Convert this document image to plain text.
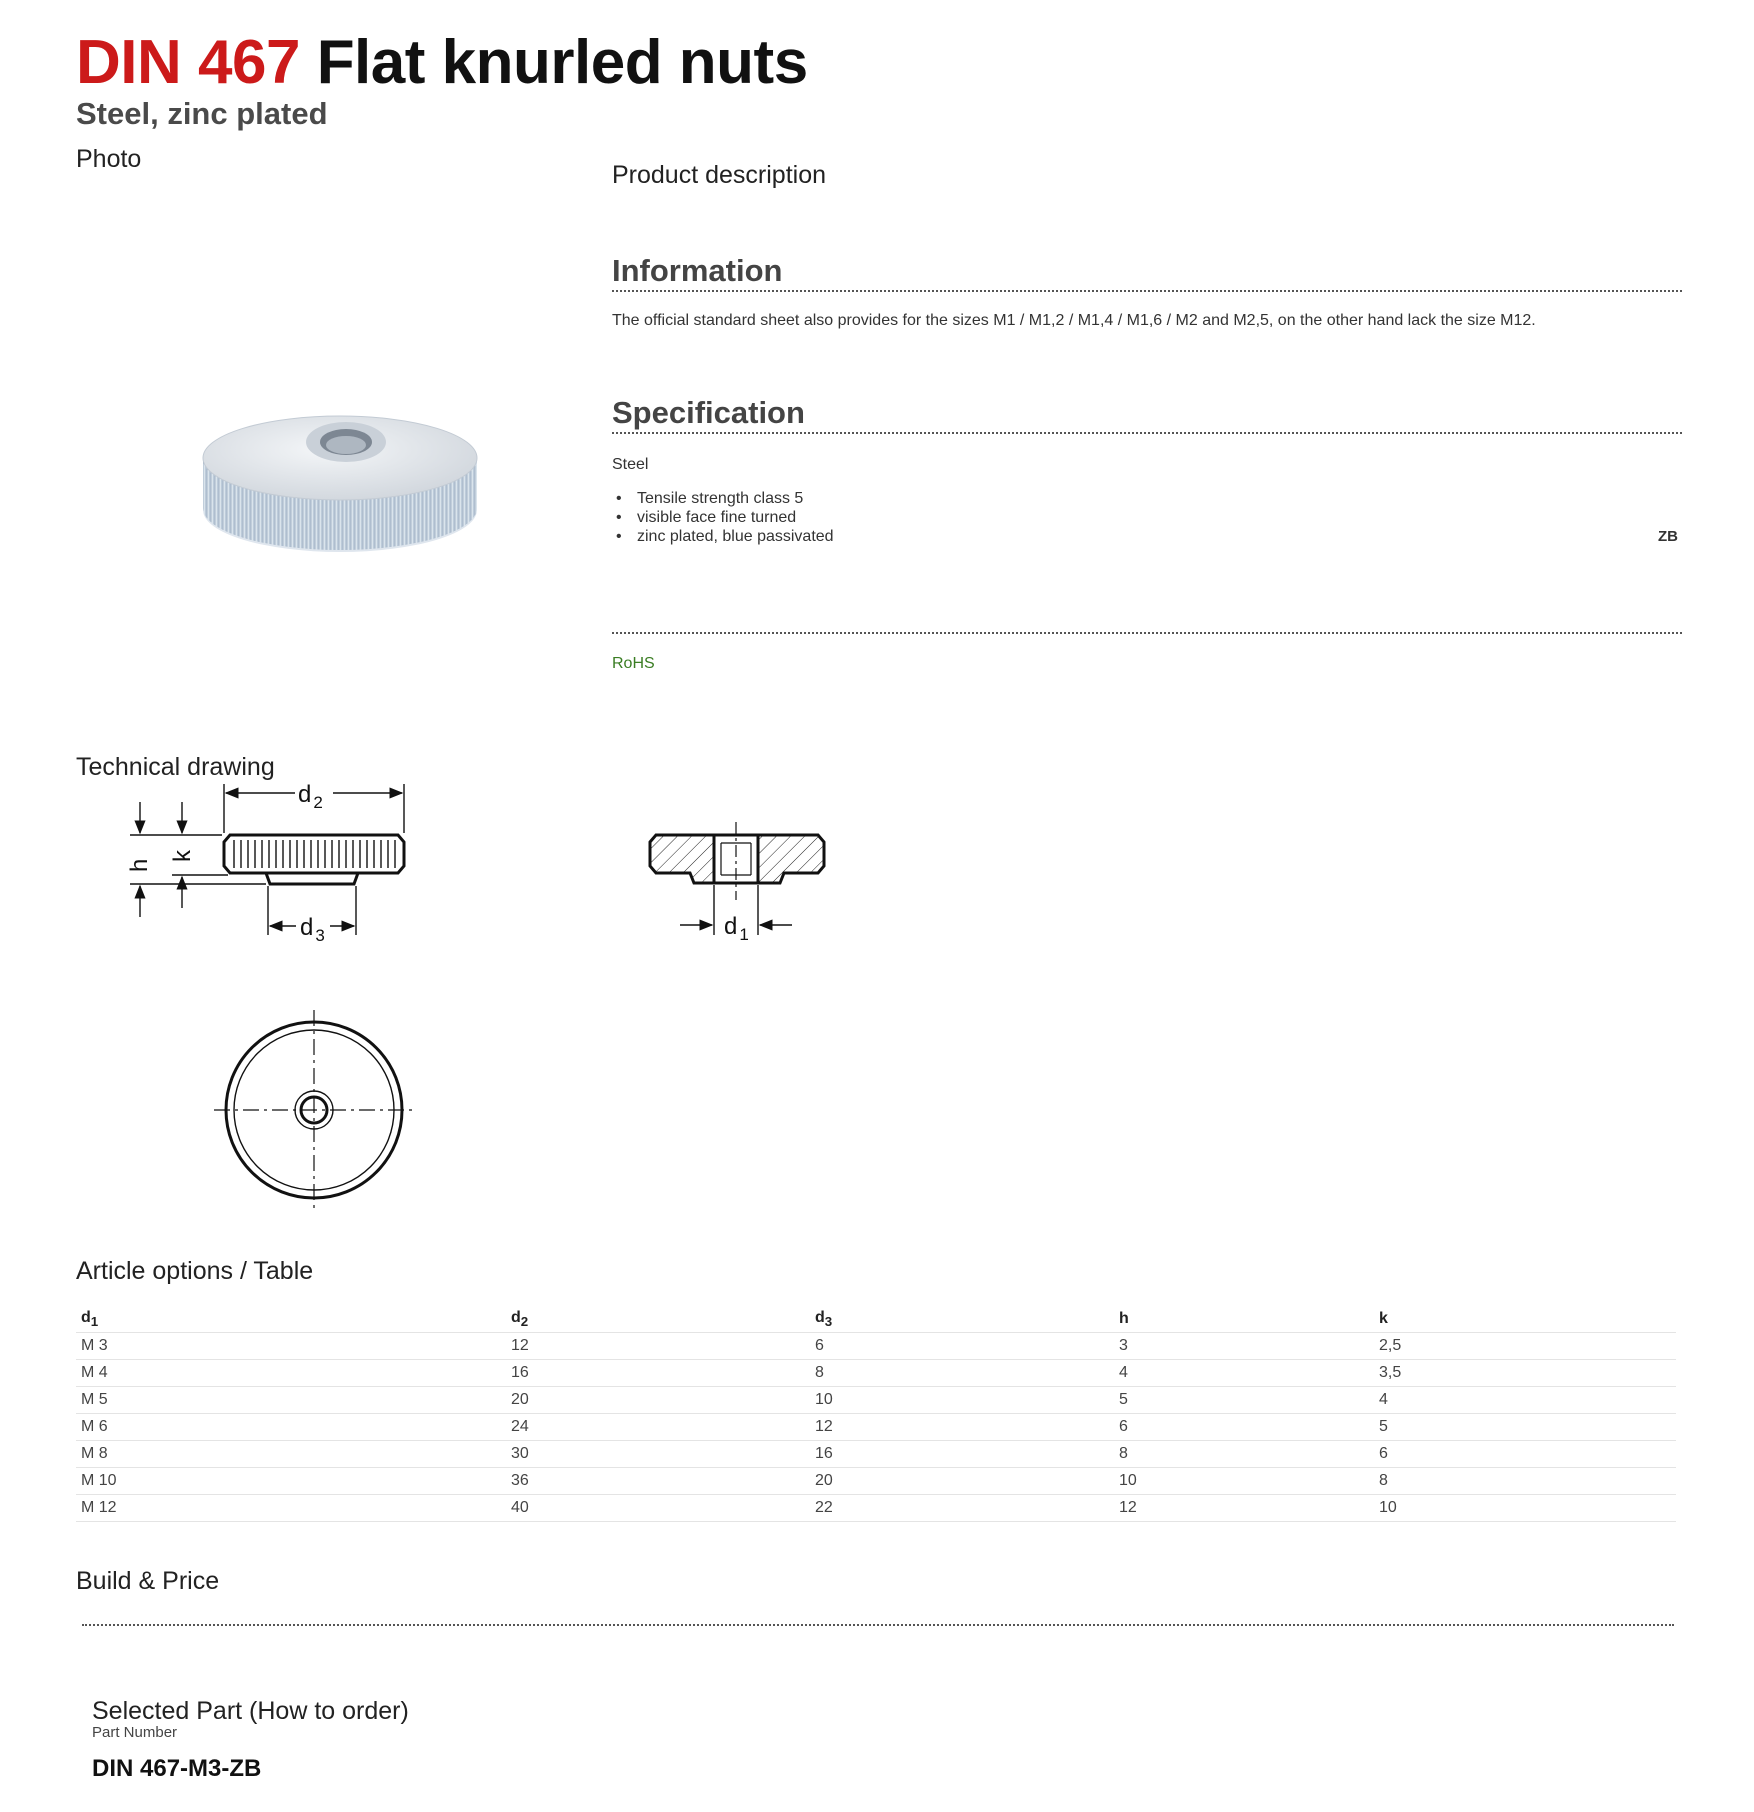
DIN 467 Flat knurled nuts
Steel, zinc plated
Photo
Product description
Information
The official standard sheet also provides for the sizes M1 / M1,2 / M1,4 / M1,6 / M2 and M2,5, on the other hand lack the size M12.
Specification
Steel
• Tensile strength class 5
• visible face fine turned
• zinc plated, blue passivated	ZB
RoHS
Technical drawing
d $_2$
d $_3$
h
k
d $_1$
Article options / Table
$d_1$	$d_2$	$d_3$	h	k
M 3	12	6	3	2,5
M 4	16	8	4	3,5
M 5	20	10	5	4
M 6	24	12	6	5
M 8	30	16	8	6
M 10	36	20	10	8
M 12	40	22	12	10
Build & Price
Selected Part (How to order)
Part Number
DIN 467-M3-ZB
